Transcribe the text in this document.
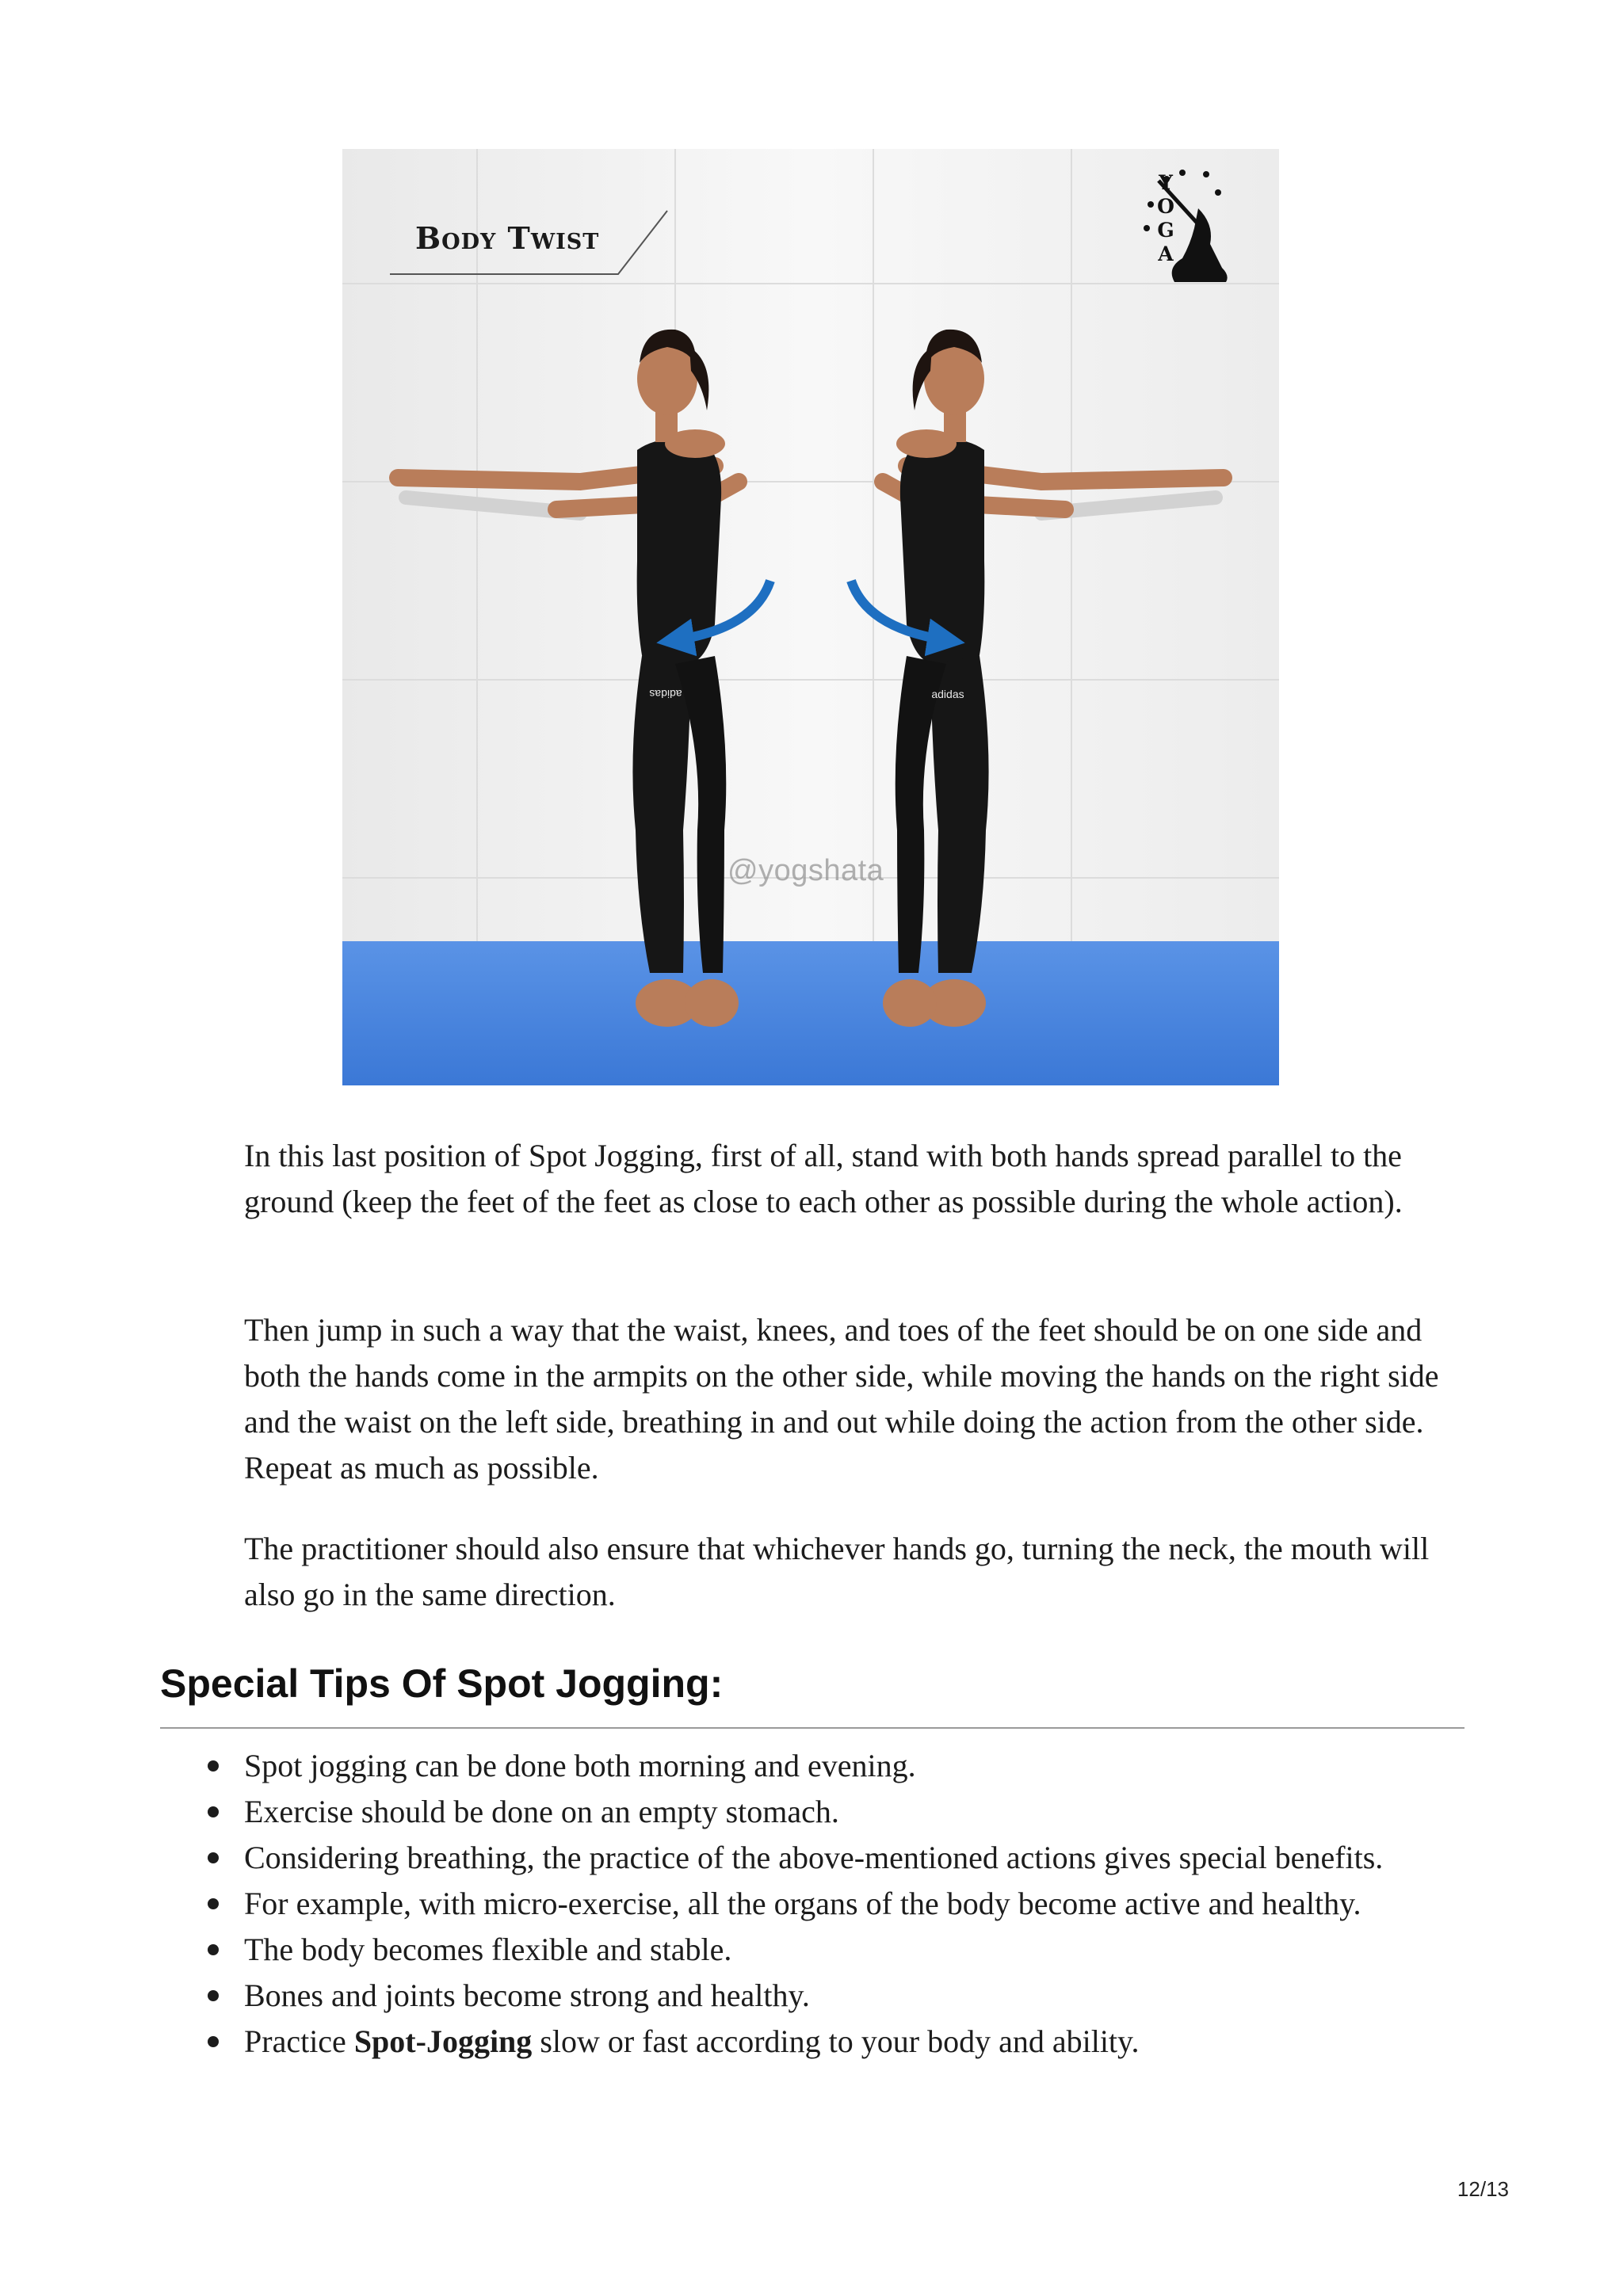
Body Twist
Y
O
G
A
adidas	adidas
@yogshata

In this last position of Spot Jogging, first of all, stand with both hands spread parallel to the ground (keep the feet of the feet as close to each other as possible during the whole action).

Then jump in such a way that the waist, knees, and toes of the feet should be on one side and both the hands come in the armpits on the other side, while moving the hands on the right side and the waist on the left side, breathing in and out while doing the action from the other side. Repeat as much as possible.

The practitioner should also ensure that whichever hands go, turning the neck, the mouth will also go in the same direction.

Special Tips Of Spot Jogging:
Spot jogging can be done both morning and evening.
Exercise should be done on an empty stomach.
Considering breathing, the practice of the above-mentioned actions gives special benefits.
For example, with micro-exercise, all the organs of the body become active and healthy.
The body becomes flexible and stable.
Bones and joints become strong and healthy.
Practice Spot-Jogging slow or fast according to your body and ability.
12/13
